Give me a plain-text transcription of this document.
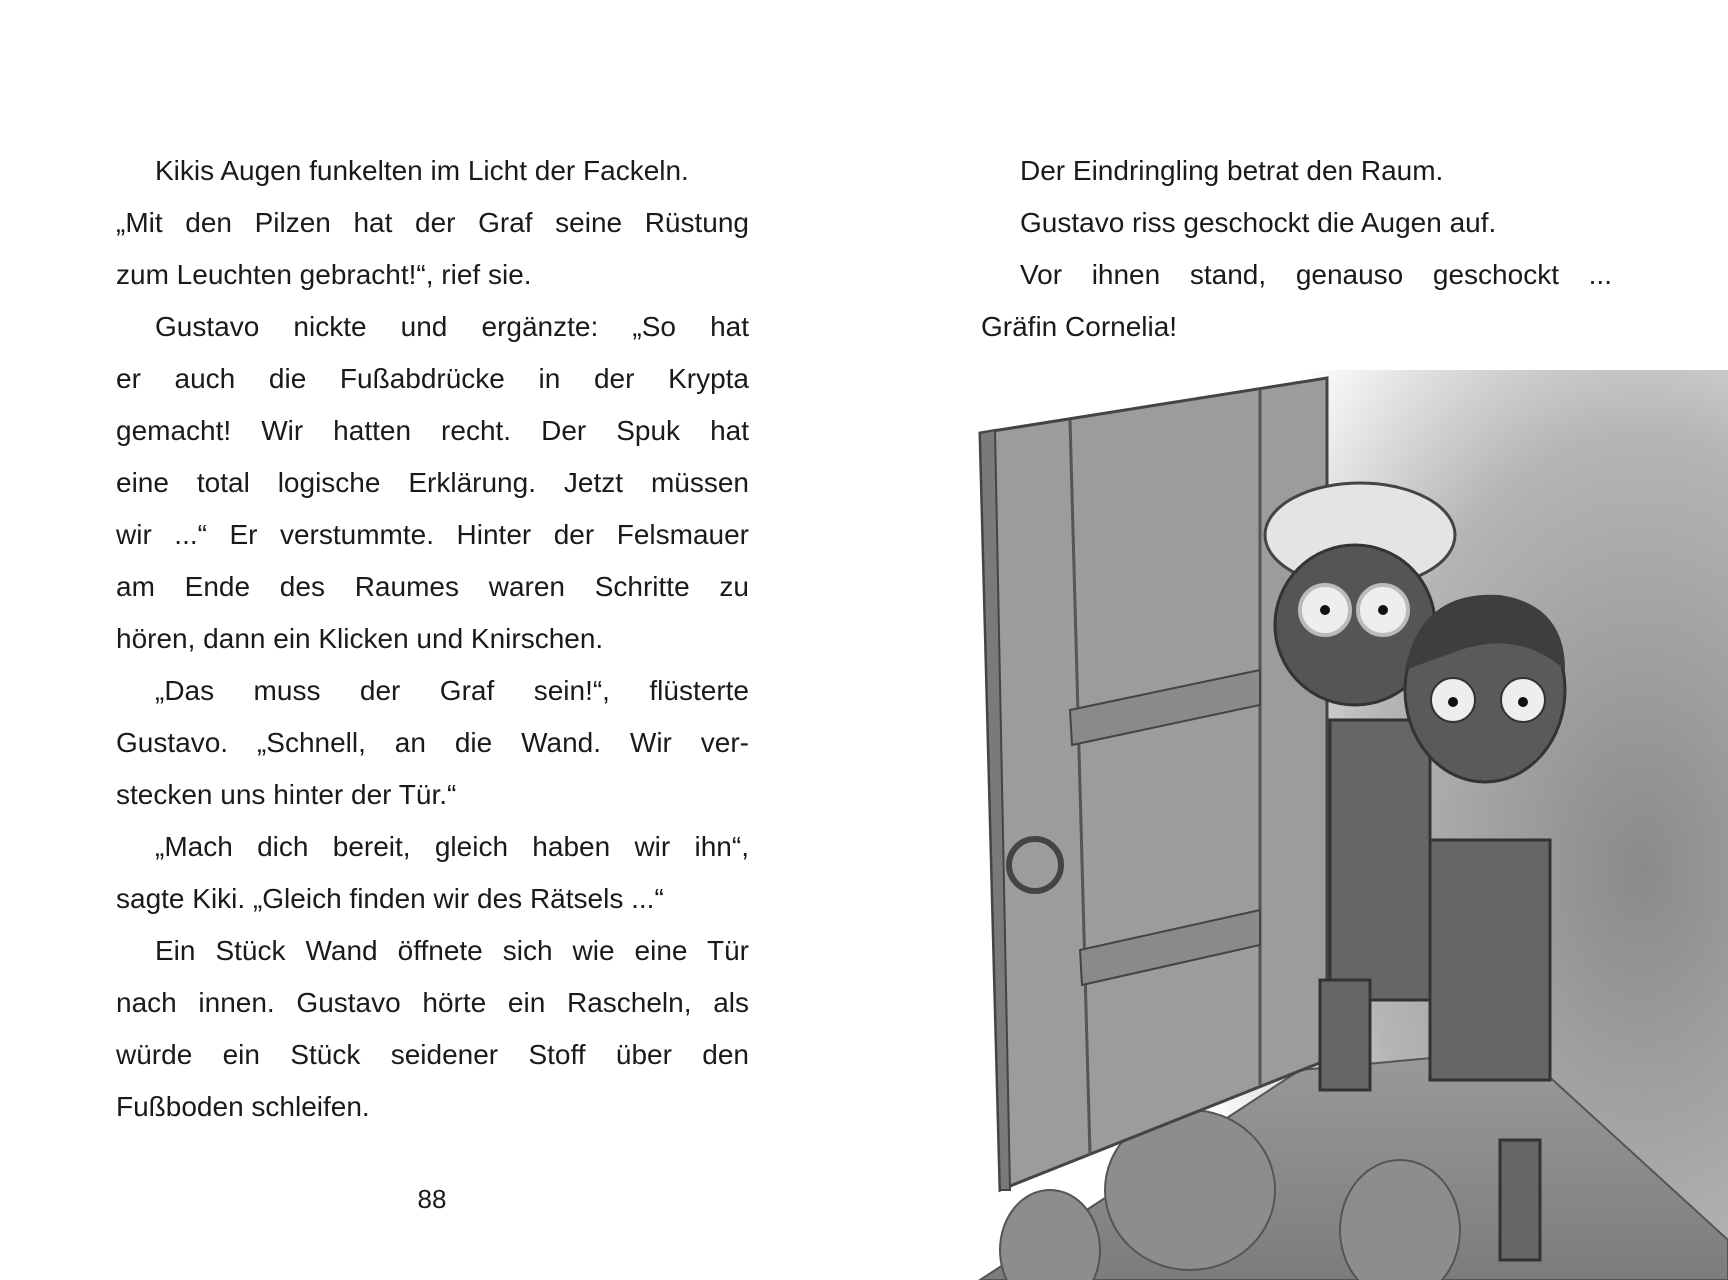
Kikis Augen funkelten im Licht der Fackeln.
„Mit den Pilzen hat der Graf seine Rüstung
zum Leuchten gebracht!“, rief sie.
Gustavo nickte und ergänzte: „So hat
er auch die Fußabdrücke in der Krypta
gemacht! Wir hatten recht. Der Spuk hat
eine total logische Erklärung. Jetzt müssen
wir ...“ Er verstummte. Hinter der Felsmauer
am Ende des Raumes waren Schritte zu
hören, dann ein Klicken und Knirschen.
„Das muss der Graf sein!“, flüsterte
Gustavo. „Schnell, an die Wand. Wir ver-
stecken uns hinter der Tür.“
„Mach dich bereit, gleich haben wir ihn“,
sagte Kiki. „Gleich finden wir des Rätsels ...“
Ein Stück Wand öffnete sich wie eine Tür
nach innen. Gustavo hörte ein Rascheln, als
würde ein Stück seidener Stoff über den
Fußboden schleifen.
Der Eindringling betrat den Raum.
Gustavo riss geschockt die Augen auf.
Vor ihnen stand, genauso geschockt ...
Gräfin Cornelia!
88
